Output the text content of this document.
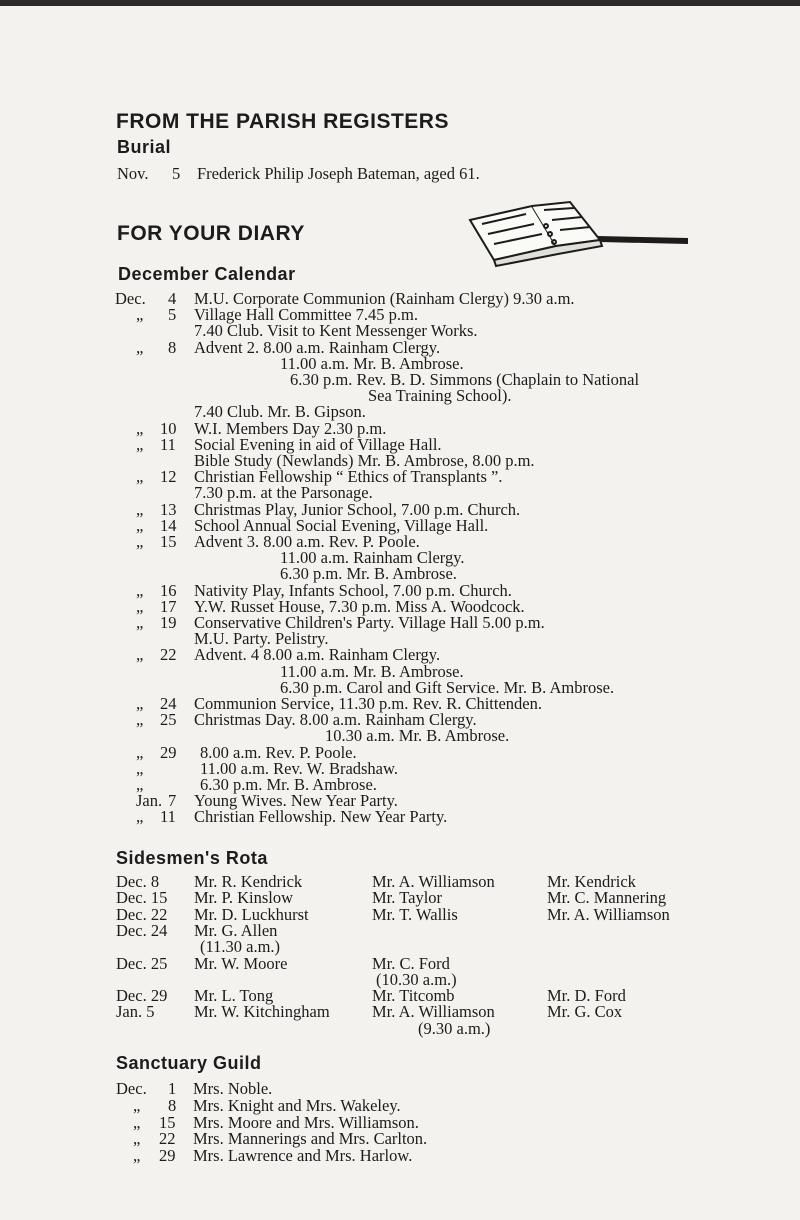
FROM THE PARISH REGISTERS
Burial
Nov. 5 Frederick Philip Joseph Bateman, aged 61.
FOR YOUR DIARY
December Calendar
Dec. 4 M.U. Corporate Communion (Rainham Clergy) 9.30 a.m.
„ 5 Village Hall Committee 7.45 p.m.
7.40 Club. Visit to Kent Messenger Works.
„ 8 Advent 2. 8.00 a.m. Rainham Clergy.
11.00 a.m. Mr. B. Ambrose.
6.30 p.m. Rev. B. D. Simmons (Chaplain to National
Sea Training School).
7.40 Club. Mr. B. Gipson.
„ 10 W.I. Members Day 2.30 p.m.
„ 11 Social Evening in aid of Village Hall.
Bible Study (Newlands) Mr. B. Ambrose, 8.00 p.m.
„ 12 Christian Fellowship “ Ethics of Transplants ”.
7.30 p.m. at the Parsonage.
„ 13 Christmas Play, Junior School, 7.00 p.m. Church.
„ 14 School Annual Social Evening, Village Hall.
„ 15 Advent 3. 8.00 a.m. Rev. P. Poole.
11.00 a.m. Rainham Clergy.
6.30 p.m. Mr. B. Ambrose.
„ 16 Nativity Play, Infants School, 7.00 p.m. Church.
„ 17 Y.W. Russet House, 7.30 p.m. Miss A. Woodcock.
„ 19 Conservative Children's Party. Village Hall 5.00 p.m.
M.U. Party. Pelistry.
„ 22 Advent. 4 8.00 a.m. Rainham Clergy.
11.00 a.m. Mr. B. Ambrose.
6.30 p.m. Carol and Gift Service. Mr. B. Ambrose.
„ 24 Communion Service, 11.30 p.m. Rev. R. Chittenden.
„ 25 Christmas Day. 8.00 a.m. Rainham Clergy.
10.30 a.m. Mr. B. Ambrose.
„ 29 8.00 a.m. Rev. P. Poole.
„	11.00 a.m. Rev. W. Bradshaw.
„	6.30 p.m. Mr. B. Ambrose.
Jan. 7 Young Wives. New Year Party.
„ 11 Christian Fellowship. New Year Party.
Sidesmen's Rota
Dec. 8 Mr. R. Kendrick	Mr. A. Williamson	Mr. Kendrick
Dec. 15 Mr. P. Kinslow	Mr. Taylor	Mr. C. Mannering
Dec. 22 Mr. D. Luckhurst	Mr. T. Wallis	Mr. A. Williamson
Dec. 24 Mr. G. Allen
(11.30 a.m.)
Dec. 25 Mr. W. Moore	Mr. C. Ford
(10.30 a.m.)
Dec. 29 Mr. L. Tong	Mr. Titcomb	Mr. D. Ford
Jan. 5 Mr. W. Kitchingham	Mr. A. Williamson	Mr. G. Cox
(9.30 a.m.)
Sanctuary Guild
Dec. 1 Mrs. Noble.
„ 8 Mrs. Knight and Mrs. Wakeley.
„ 15 Mrs. Moore and Mrs. Williamson.
„ 22 Mrs. Mannerings and Mrs. Carlton.
„ 29 Mrs. Lawrence and Mrs. Harlow.
